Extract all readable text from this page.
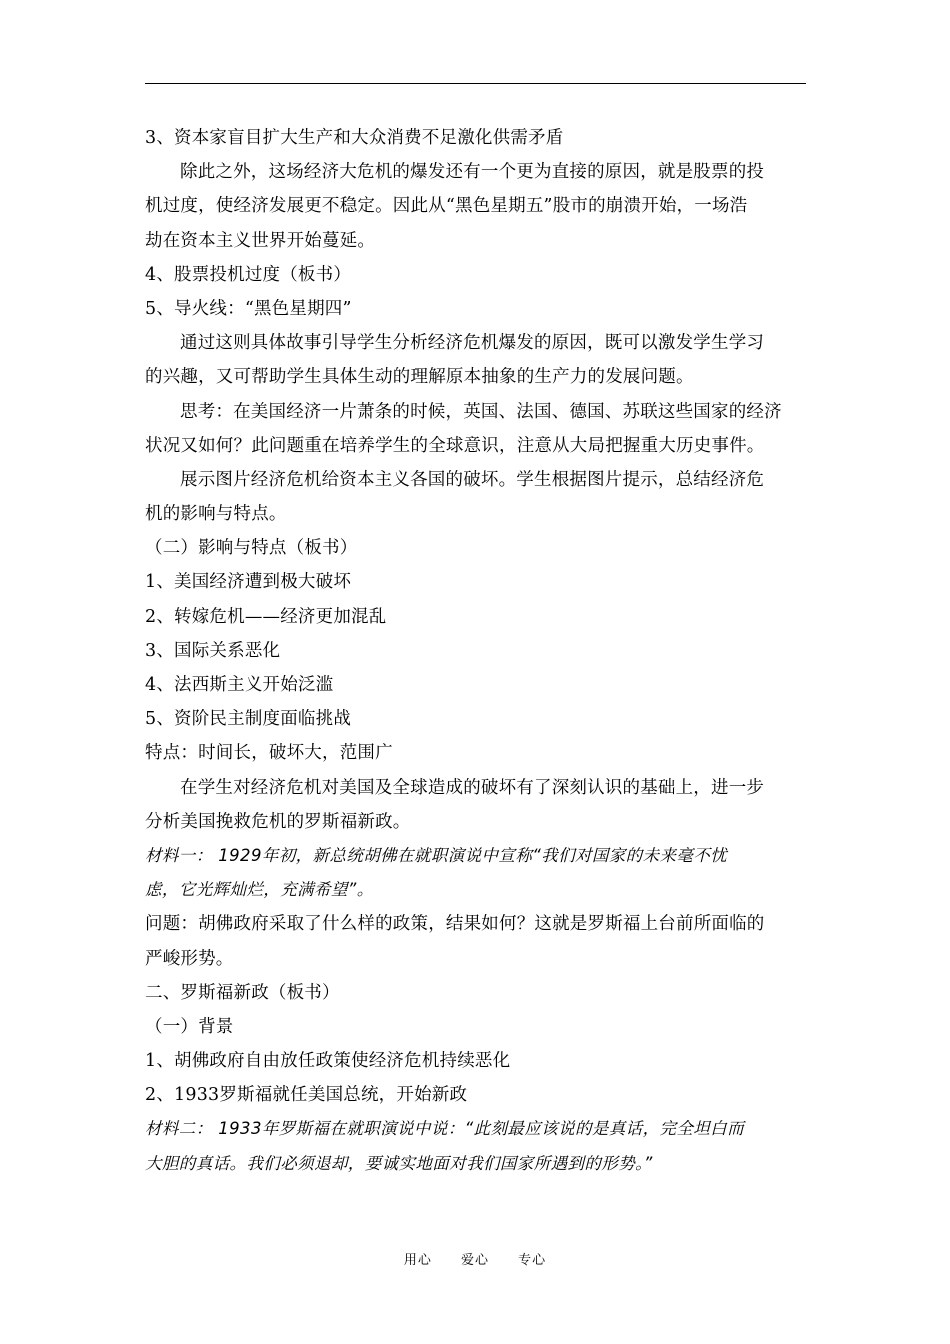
3、资本家盲目扩大生产和大众消费不足激化供需矛盾
除此之外，这场经济大危机的爆发还有一个更为直接的原因，就是股票的投
机过度，使经济发展更不稳定。因此从“黑色星期五”股市的崩溃开始，一场浩
劫在资本主义世界开始蔓延。
4、股票投机过度（板书）
5、导火线：“黑色星期四”
通过这则具体故事引导学生分析经济危机爆发的原因，既可以激发学生学习
的兴趣，又可帮助学生具体生动的理解原本抽象的生产力的发展问题。
思考：在美国经济一片萧条的时候，英国、法国、德国、苏联这些国家的经济
状况又如何？此问题重在培养学生的全球意识，注意从大局把握重大历史事件。
展示图片经济危机给资本主义各国的破坏。学生根据图片提示，总结经济危
机的影响与特点。
（二）影响与特点（板书）
1、美国经济遭到极大破坏
2、转嫁危机——经济更加混乱
3、国际关系恶化
4、法西斯主义开始泛滥
5、资阶民主制度面临挑战
特点：时间长，破坏大，范围广
在学生对经济危机对美国及全球造成的破坏有了深刻认识的基础上，进一步
分析美国挽救危机的罗斯福新政。
材料一： 1929年初，新总统胡佛在就职演说中宣称“我们对国家的未来毫不忧
虑，它光辉灿烂，充满希望”。
问题：胡佛政府采取了什么样的政策，结果如何？这就是罗斯福上台前所面临的
严峻形势。
二、罗斯福新政（板书）
（一）背景
1、胡佛政府自由放任政策使经济危机持续恶化
2、1933罗斯福就任美国总统，开始新政
材料二： 1933年罗斯福在就职演说中说：“此刻最应该说的是真话，完全坦白而
大胆的真话。我们必须退却，要诚实地面对我们国家所遇到的形势。”
用心 爱心 专心
